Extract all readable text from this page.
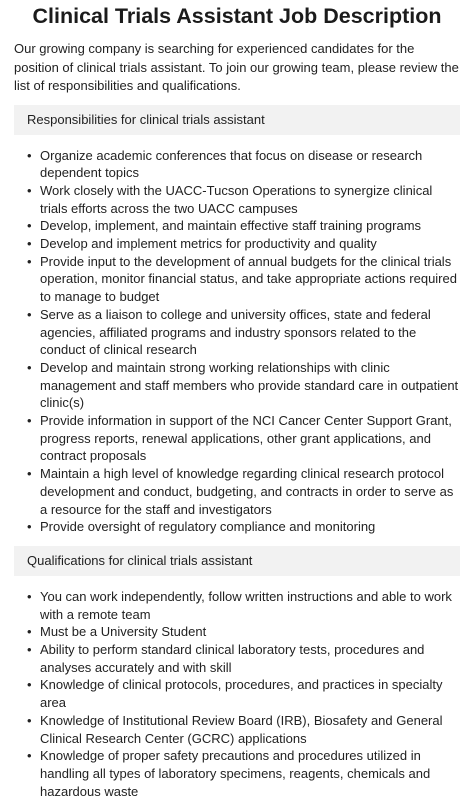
Clinical Trials Assistant Job Description

Our growing company is searching for experienced candidates for the position of clinical trials assistant. To join our growing team, please review the list of responsibilities and qualifications.

Responsibilities for clinical trials assistant
• Organize academic conferences that focus on disease or research dependent topics
• Work closely with the UACC-Tucson Operations to synergize clinical trials efforts across the two UACC campuses
• Develop, implement, and maintain effective staff training programs
• Develop and implement metrics for productivity and quality
• Provide input to the development of annual budgets for the clinical trials operation, monitor financial status, and take appropriate actions required to manage to budget
• Serve as a liaison to college and university offices, state and federal agencies, affiliated programs and industry sponsors related to the conduct of clinical research
• Develop and maintain strong working relationships with clinic management and staff members who provide standard care in outpatient clinic(s)
• Provide information in support of the NCI Cancer Center Support Grant, progress reports, renewal applications, other grant applications, and contract proposals
• Maintain a high level of knowledge regarding clinical research protocol development and conduct, budgeting, and contracts in order to serve as a resource for the staff and investigators
• Provide oversight of regulatory compliance and monitoring
Qualifications for clinical trials assistant
• You can work independently, follow written instructions and able to work with a remote team
• Must be a University Student
• Ability to perform standard clinical laboratory tests, procedures and analyses accurately and with skill
• Knowledge of clinical protocols, procedures, and practices in specialty area
• Knowledge of Institutional Review Board (IRB), Biosafety and General Clinical Research Center (GCRC) applications
• Knowledge of proper safety precautions and procedures utilized in handling all types of laboratory specimens, reagents, chemicals and hazardous waste
